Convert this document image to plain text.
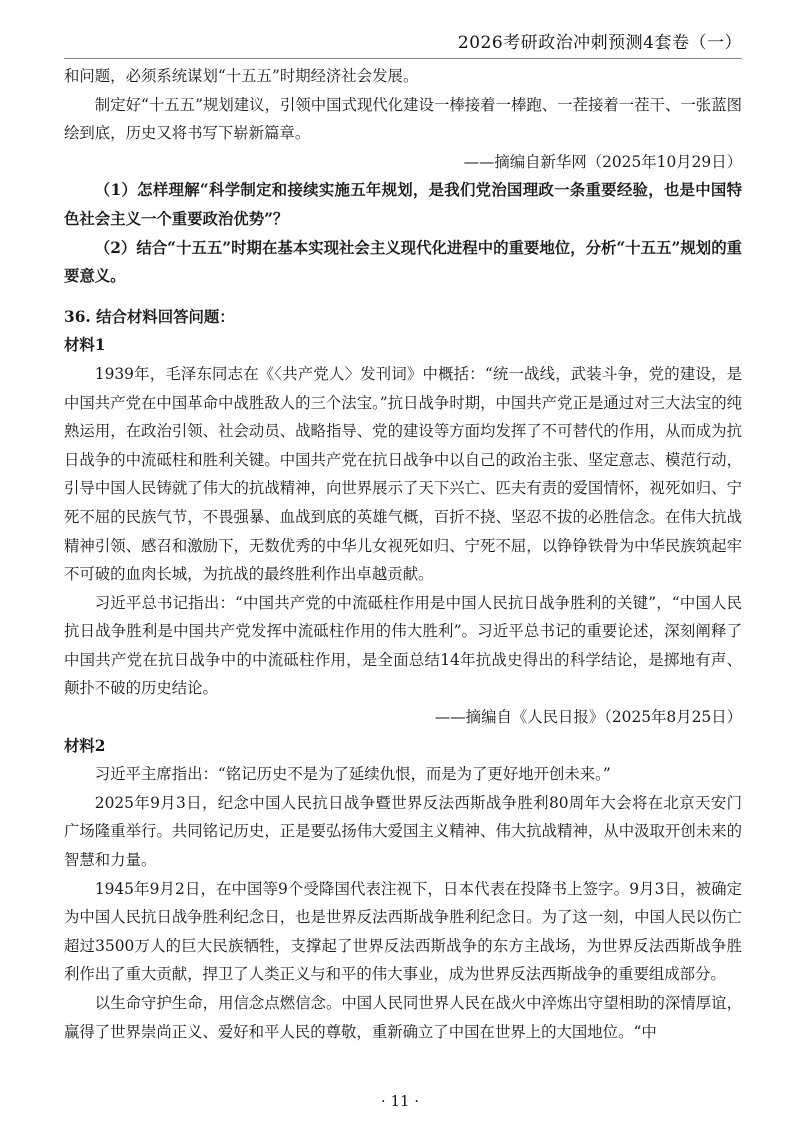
2026考研政治冲刺预测4套卷（一）

和问题，必须系统谋划“十五五”时期经济社会发展。

制定好“十五五”规划建议，引领中国式现代化建设一棒接着一棒跑、一茬接着一茬干、一张蓝图绘到底，历史又将书写下崭新篇章。

——摘编自新华网（2025年10月29日）

（1）怎样理解“科学制定和接续实施五年规划，是我们党治国理政一条重要经验，也是中国特色社会主义一个重要政治优势”？

（2）结合“十五五”时期在基本实现社会主义现代化进程中的重要地位，分析“十五五”规划的重要意义。

36. 结合材料回答问题：

材料1

1939年，毛泽东同志在《〈共产党人〉发刊词》中概括：“统一战线，武装斗争，党的建设，是中国共产党在中国革命中战胜敌人的三个法宝。”抗日战争时期，中国共产党正是通过对三大法宝的纯熟运用，在政治引领、社会动员、战略指导、党的建设等方面均发挥了不可替代的作用，从而成为抗日战争的中流砥柱和胜利关键。中国共产党在抗日战争中以自己的政治主张、坚定意志、模范行动，引导中国人民铸就了伟大的抗战精神，向世界展示了天下兴亡、匹夫有责的爱国情怀，视死如归、宁死不屈的民族气节，不畏强暴、血战到底的英雄气概，百折不挠、坚忍不拔的必胜信念。在伟大抗战精神引领、感召和激励下，无数优秀的中华儿女视死如归、宁死不屈，以铮铮铁骨为中华民族筑起牢不可破的血肉长城，为抗战的最终胜利作出卓越贡献。

习近平总书记指出：“中国共产党的中流砥柱作用是中国人民抗日战争胜利的关键”，“中国人民抗日战争胜利是中国共产党发挥中流砥柱作用的伟大胜利”。习近平总书记的重要论述，深刻阐释了中国共产党在抗日战争中的中流砥柱作用，是全面总结14年抗战史得出的科学结论，是掷地有声、颠扑不破的历史结论。

——摘编自《人民日报》（2025年8月25日）

材料2

习近平主席指出：“铭记历史不是为了延续仇恨，而是为了更好地开创未来。”

2025年9月3日，纪念中国人民抗日战争暨世界反法西斯战争胜利80周年大会将在北京天安门广场隆重举行。共同铭记历史，正是要弘扬伟大爱国主义精神、伟大抗战精神，从中汲取开创未来的智慧和力量。

1945年9月2日，在中国等9个受降国代表注视下，日本代表在投降书上签字。9月3日，被确定为中国人民抗日战争胜利纪念日，也是世界反法西斯战争胜利纪念日。为了这一刻，中国人民以伤亡超过3500万人的巨大民族牺牲，支撑起了世界反法西斯战争的东方主战场，为世界反法西斯战争胜利作出了重大贡献，捍卫了人类正义与和平的伟大事业，成为世界反法西斯战争的重要组成部分。

以生命守护生命，用信念点燃信念。中国人民同世界人民在战火中淬炼出守望相助的深情厚谊，赢得了世界崇尚正义、爱好和平人民的尊敬，重新确立了中国在世界上的大国地位。“中

· 11 ·
